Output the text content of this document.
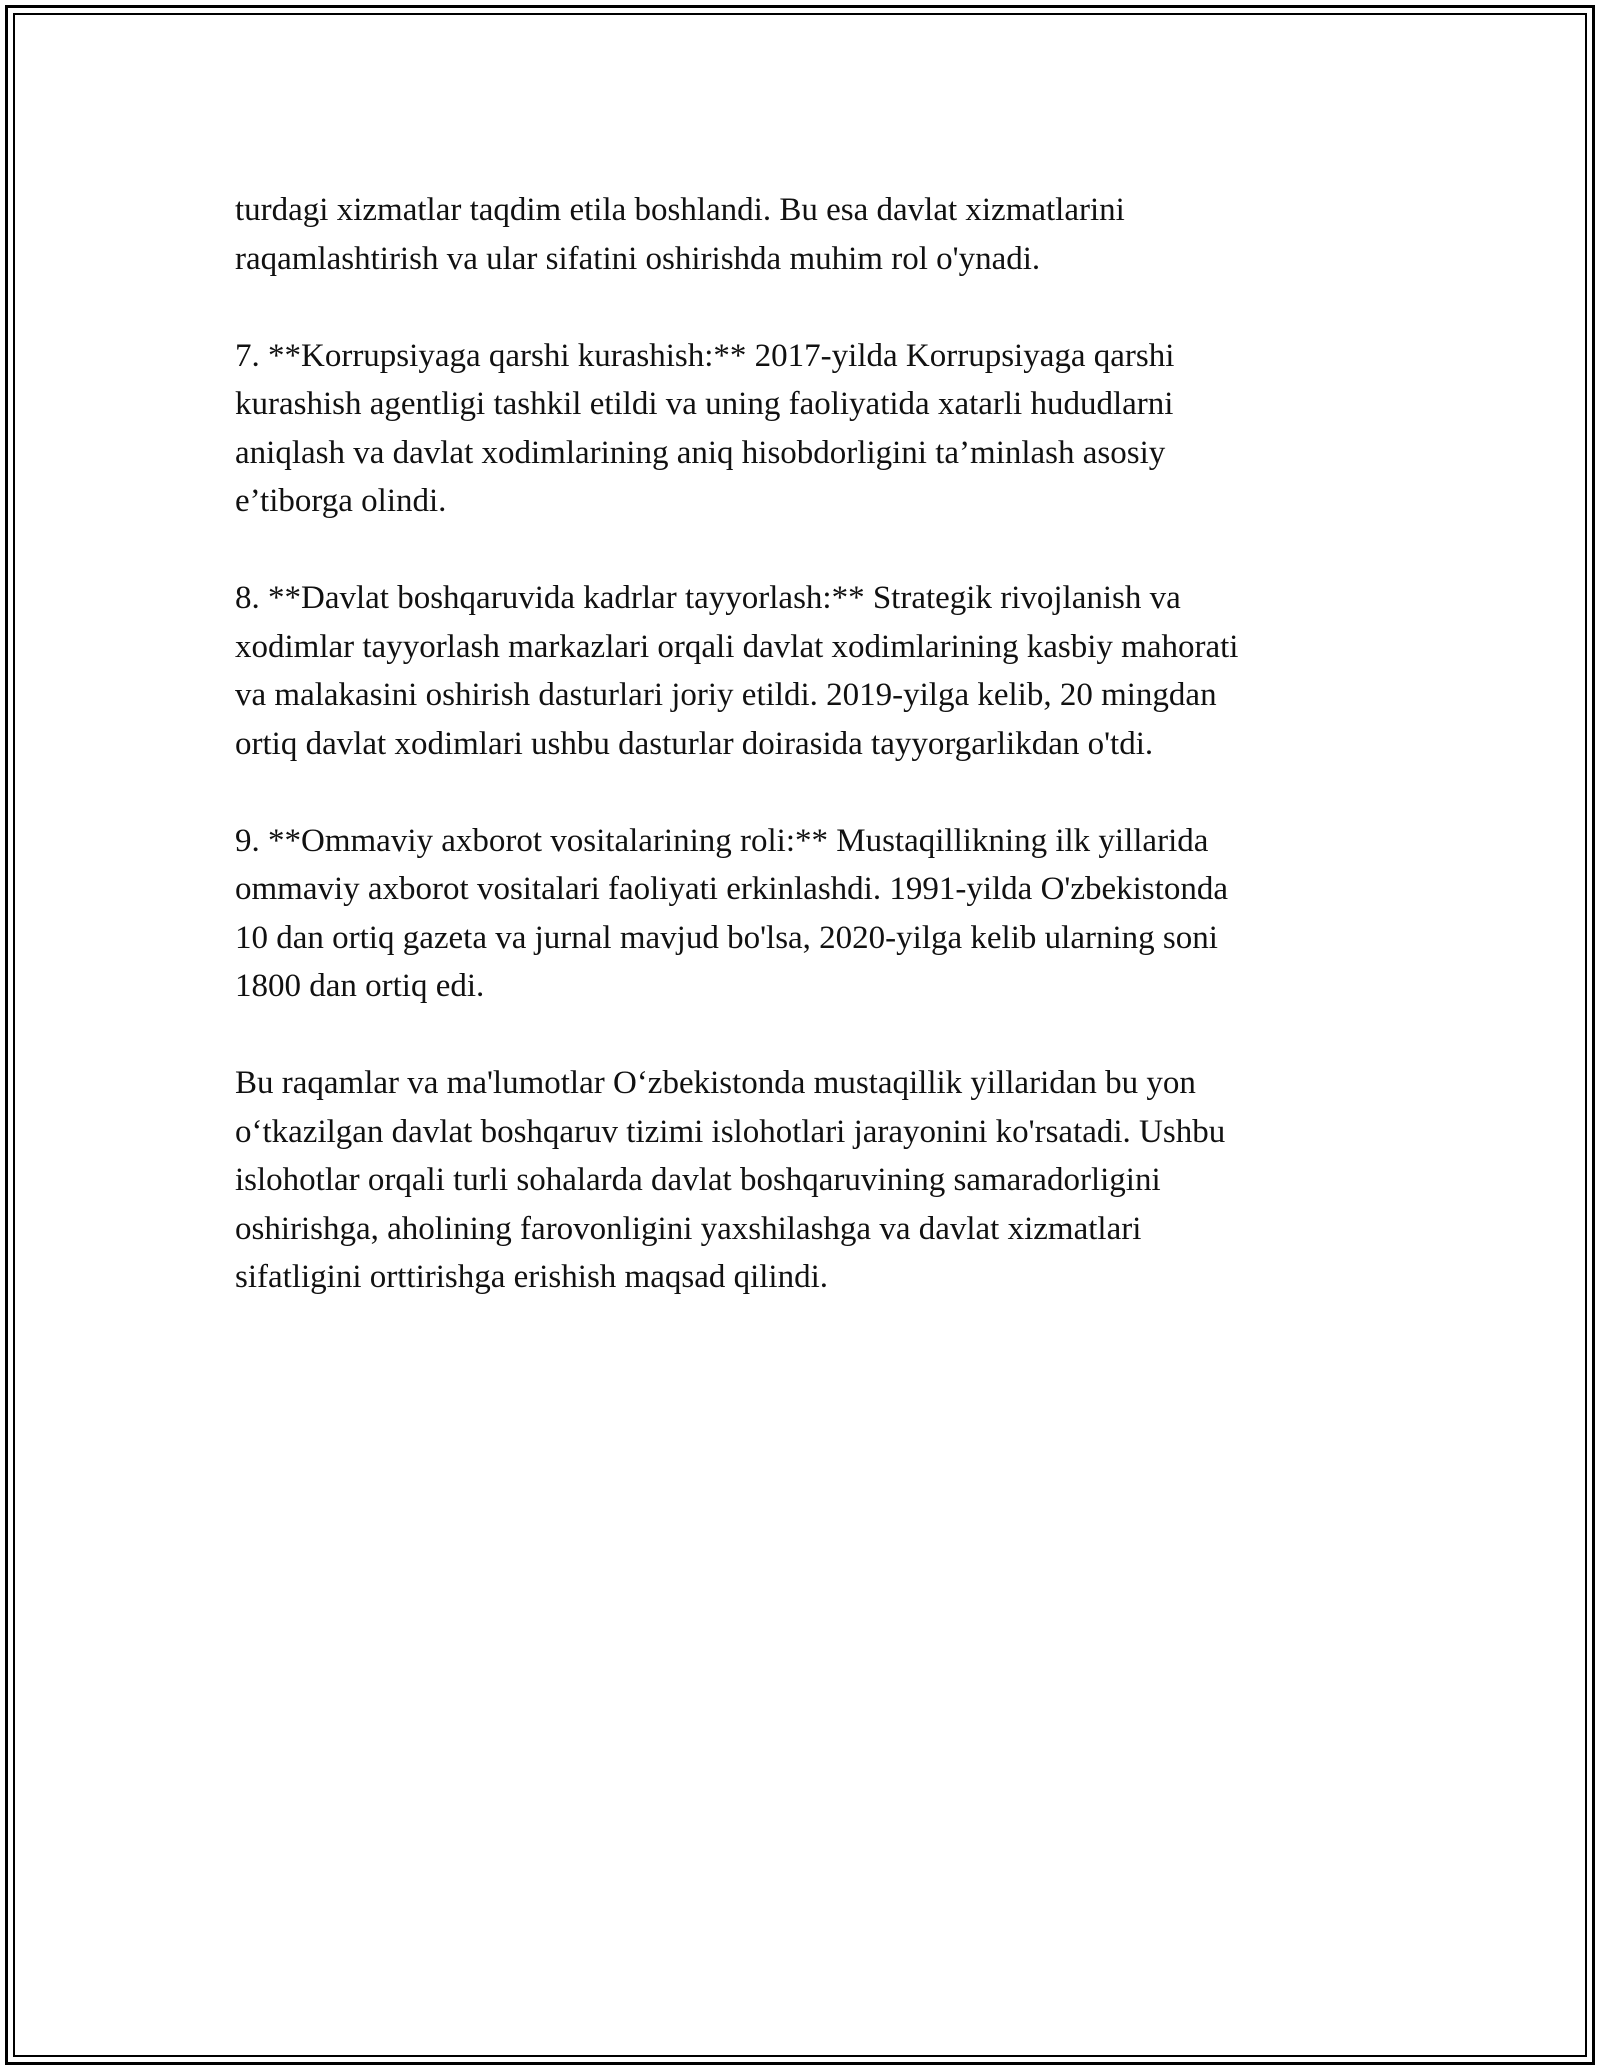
turdagi xizmatlar taqdim etila boshlandi. Bu esa davlat xizmatlarini
raqamlashtirish va ular sifatini oshirishda muhim rol o'ynadi.

7. **Korrupsiyaga qarshi kurashish:** 2017-yilda Korrupsiyaga qarshi
kurashish agentligi tashkil etildi va uning faoliyatida xatarli hududlarni
aniqlash va davlat xodimlarining aniq hisobdorligini ta’minlash asosiy
e’tiborga olindi.

8. **Davlat boshqaruvida kadrlar tayyorlash:** Strategik rivojlanish va
xodimlar tayyorlash markazlari orqali davlat xodimlarining kasbiy mahorati
va malakasini oshirish dasturlari joriy etildi. 2019-yilga kelib, 20 mingdan
ortiq davlat xodimlari ushbu dasturlar doirasida tayyorgarlikdan o'tdi.

9. **Ommaviy axborot vositalarining roli:** Mustaqillikning ilk yillarida
ommaviy axborot vositalari faoliyati erkinlashdi. 1991-yilda O'zbekistonda
10 dan ortiq gazeta va jurnal mavjud bo'lsa, 2020-yilga kelib ularning soni
1800 dan ortiq edi.

Bu raqamlar va ma'lumotlar O‘zbekistonda mustaqillik yillaridan bu yon
o‘tkazilgan davlat boshqaruv tizimi islohotlari jarayonini ko'rsatadi. Ushbu
islohotlar orqali turli sohalarda davlat boshqaruvining samaradorligini
oshirishga, aholining farovonligini yaxshilashga va davlat xizmatlari
sifatligini orttirishga erishish maqsad qilindi.
